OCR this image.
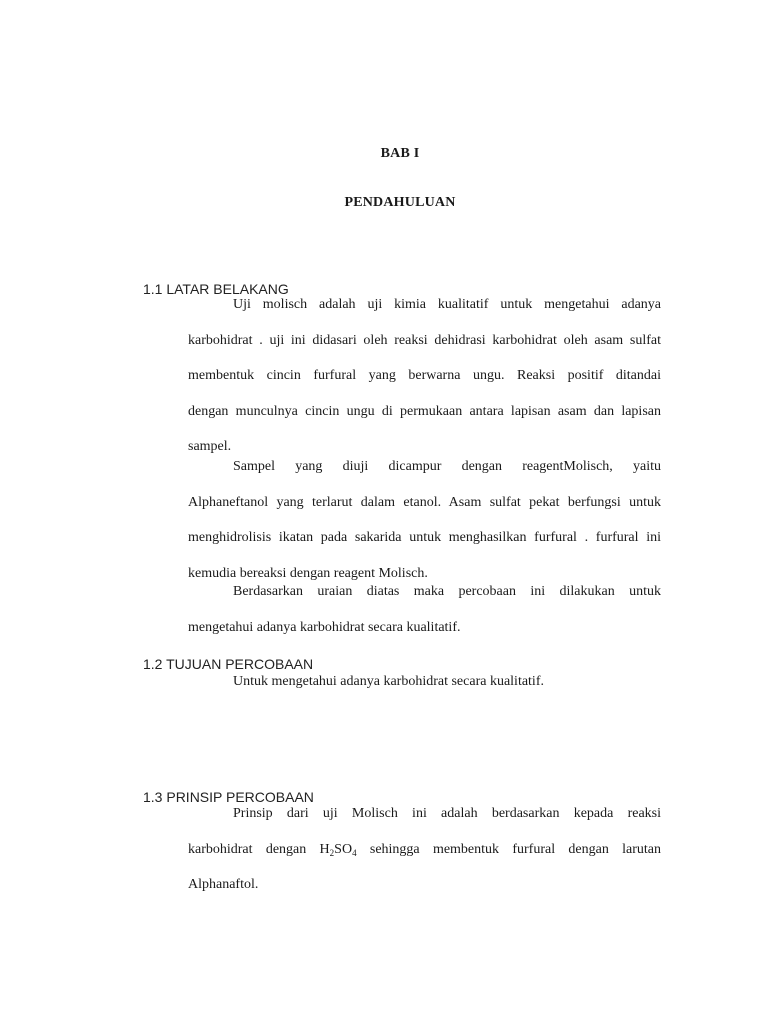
BAB I
PENDAHULUAN
1.1 LATAR BELAKANG
Uji molisch adalah uji kimia kualitatif untuk mengetahui adanya
karbohidrat . uji ini didasari oleh reaksi dehidrasi karbohidrat oleh asam sulfat
membentuk cincin furfural yang berwarna ungu. Reaksi positif ditandai
dengan munculnya cincin ungu di permukaan antara lapisan asam dan lapisan
sampel.
Sampel yang diuji dicampur dengan reagentMolisch, yaitu
Alphaneftanol yang terlarut dalam etanol. Asam sulfat pekat berfungsi untuk
menghidrolisis ikatan pada sakarida untuk menghasilkan furfural . furfural ini
kemudia bereaksi dengan reagent Molisch.
Berdasarkan uraian diatas maka percobaan ini dilakukan untuk
mengetahui adanya karbohidrat secara kualitatif.
1.2 TUJUAN PERCOBAAN
Untuk mengetahui adanya karbohidrat secara kualitatif.
1.3 PRINSIP PERCOBAAN
Prinsip dari uji Molisch ini adalah berdasarkan kepada reaksi
karbohidrat dengan $H_2SO_4$ sehingga membentuk furfural dengan larutan
Alphanaftol.
